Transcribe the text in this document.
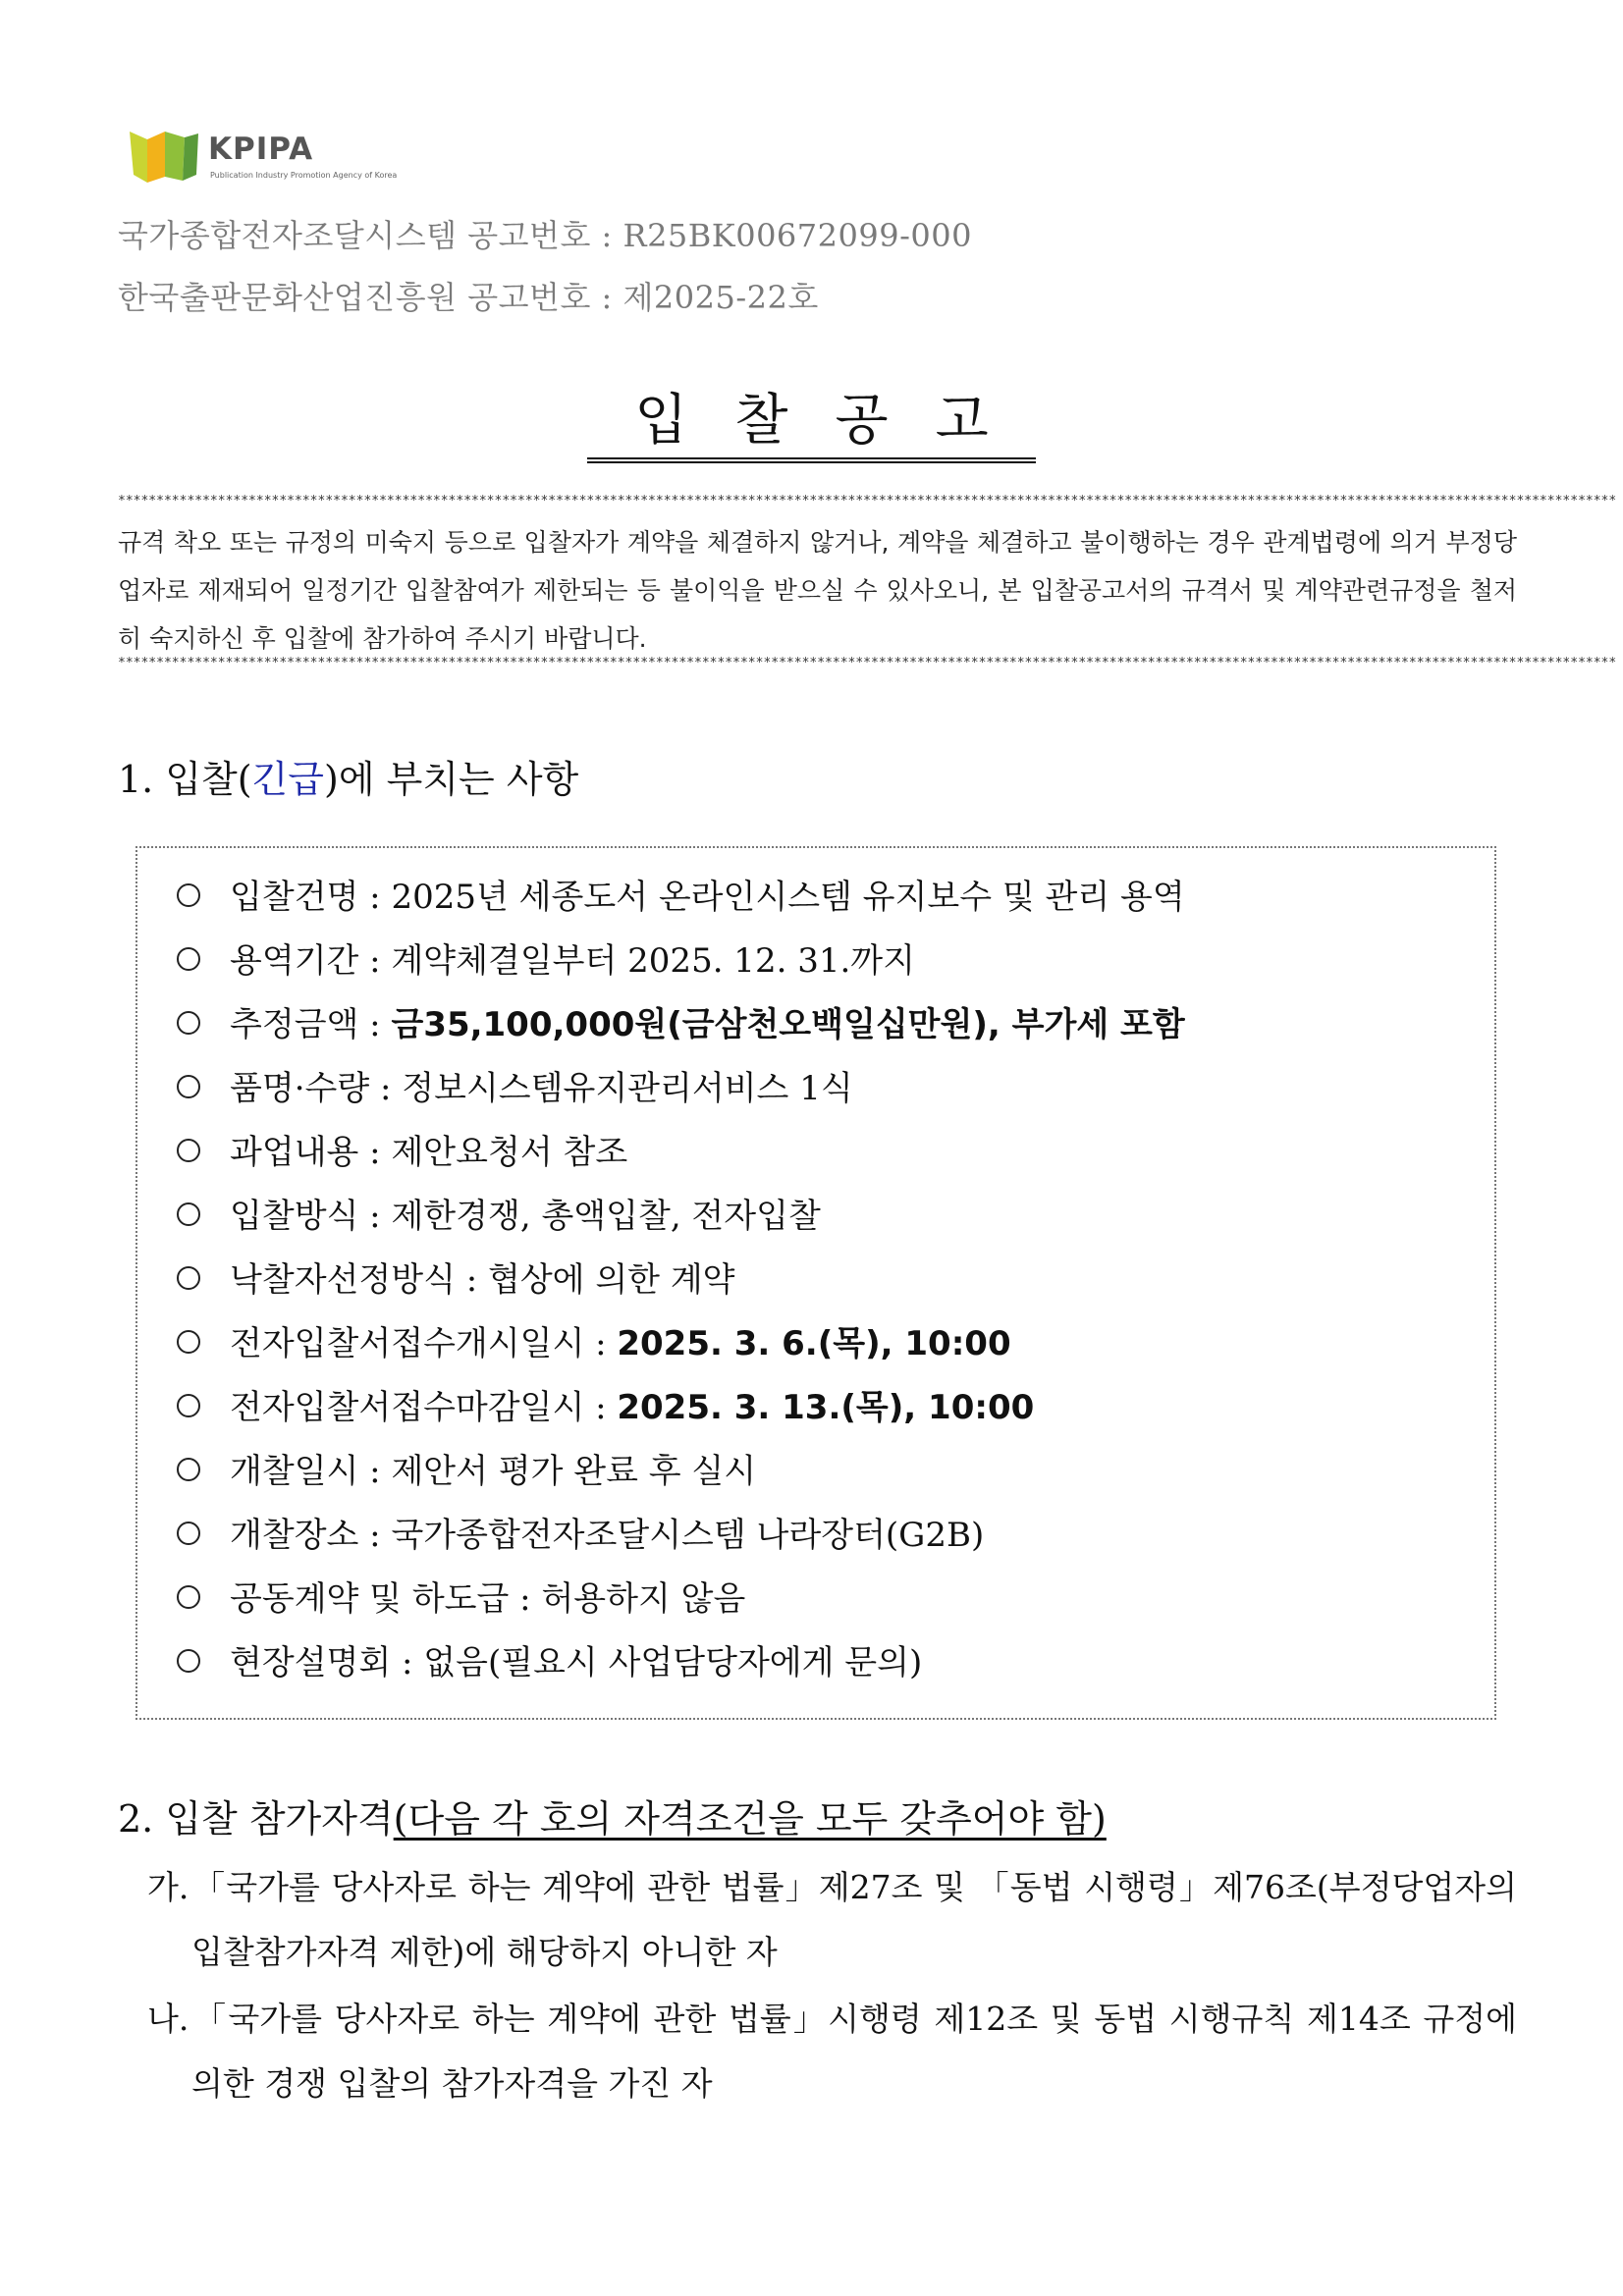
KPIPA
Publication Industry Promotion Agency of Korea
국가종합전자조달시스템 공고번호 : R25BK00672099-000
한국출판문화산업진흥원 공고번호 : 제2025-22호
입찰공고
***************************************************************************************************************************************************************************************************
규격 착오 또는 규정의 미숙지 등으로 입찰자가 계약을 체결하지 않거나, 계약을 체결하고 불이행하는 경우 관계법령에 의거 부정당업자로 제재되어 일정기간 입찰참여가 제한되는 등 불이익을 받으실 수 있사오니, 본 입찰공고서의 규격서 및 계약관련규정을 철저히 숙지하신 후 입찰에 참가하여 주시기 바랍니다.
***************************************************************************************************************************************************************************************************
1. 입찰(긴급)에 부치는 사항
입찰건명 : 2025년 세종도서 온라인시스템 유지보수 및 관리 용역
용역기간 : 계약체결일부터 2025. 12. 31.까지
추정금액 : 금35,100,000원(금삼천오백일십만원), 부가세 포함
품명·수량 : 정보시스템유지관리서비스 1식
과업내용 : 제안요청서 참조
입찰방식 : 제한경쟁, 총액입찰, 전자입찰
낙찰자선정방식 : 협상에 의한 계약
전자입찰서접수개시일시 : 2025. 3. 6.(목), 10:00
전자입찰서접수마감일시 : 2025. 3. 13.(목), 10:00
개찰일시 : 제안서 평가 완료 후 실시
개찰장소 : 국가종합전자조달시스템 나라장터(G2B)
공동계약 및 하도급 : 허용하지 않음
현장설명회 : 없음(필요시 사업담당자에게 문의)
2. 입찰 참가자격(다음 각 호의 자격조건을 모두 갖추어야 함)
가.「국가를 당사자로 하는 계약에 관한 법률」제27조 및 「동법 시행령」제76조(부정당업자의 입찰참가자격 제한)에 해당하지 아니한 자
나.「국가를 당사자로 하는 계약에 관한 법률」시행령 제12조 및 동법 시행규칙 제14조 규정에 의한 경쟁 입찰의 참가자격을 가진 자
